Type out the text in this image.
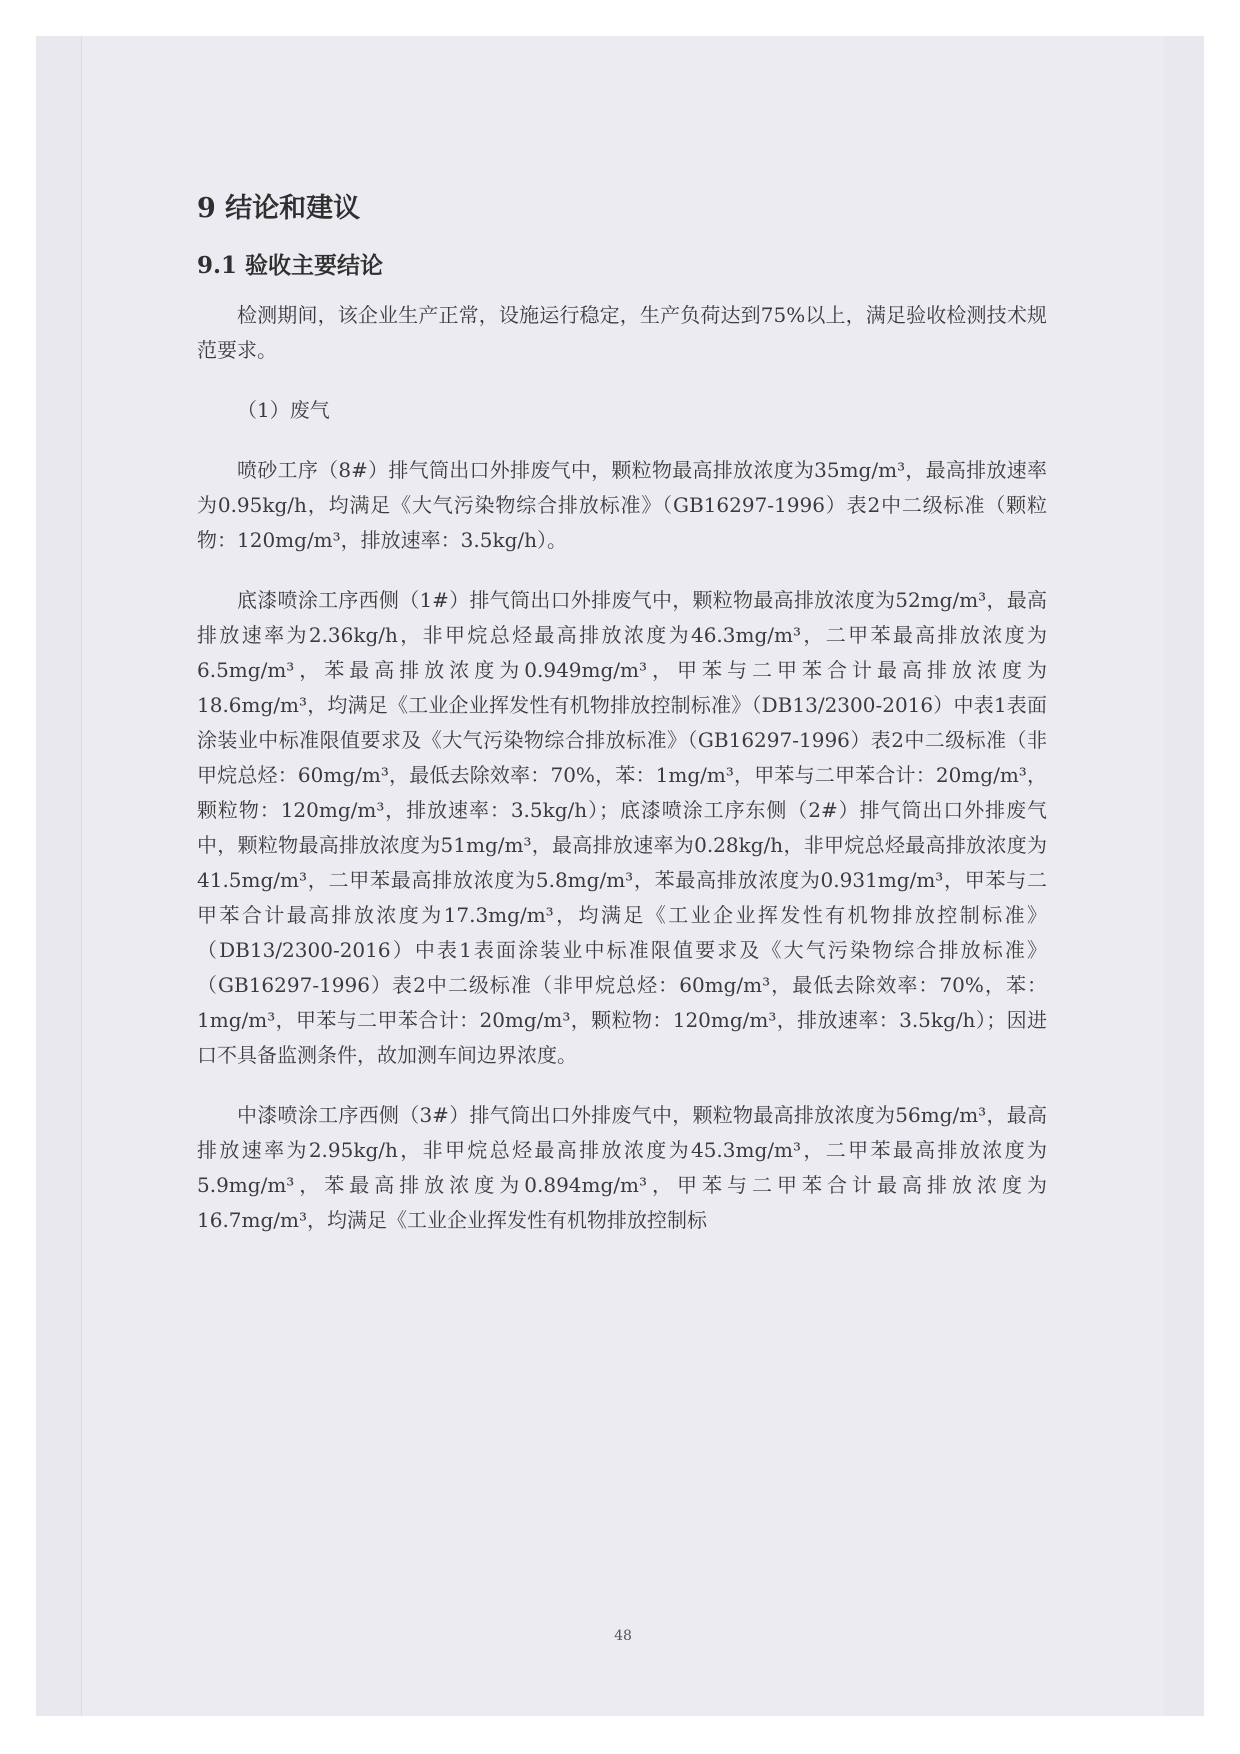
9 结论和建议
9.1 验收主要结论

检测期间，该企业生产正常，设施运行稳定，生产负荷达到75%以上，满足验收检测技术规范要求。

（1）废气

喷砂工序（8#）排气筒出口外排废气中，颗粒物最高排放浓度为35mg/m³，最高排放速率为0.95kg/h，均满足《大气污染物综合排放标准》（GB16297-1996）表2中二级标准（颗粒物：120mg/m³，排放速率：3.5kg/h）。

底漆喷涂工序西侧（1#）排气筒出口外排废气中，颗粒物最高排放浓度为52mg/m³，最高排放速率为2.36kg/h，非甲烷总烃最高排放浓度为46.3mg/m³，二甲苯最高排放浓度为6.5mg/m³，苯最高排放浓度为0.949mg/m³，甲苯与二甲苯合计最高排放浓度为18.6mg/m³，均满足《工业企业挥发性有机物排放控制标准》（DB13/2300-2016）中表1表面涂装业中标准限值要求及《大气污染物综合排放标准》（GB16297-1996）表2中二级标准（非甲烷总烃：60mg/m³，最低去除效率：70%，苯：1mg/m³，甲苯与二甲苯合计：20mg/m³，颗粒物：120mg/m³，排放速率：3.5kg/h）；底漆喷涂工序东侧（2#）排气筒出口外排废气中，颗粒物最高排放浓度为51mg/m³，最高排放速率为0.28kg/h，非甲烷总烃最高排放浓度为41.5mg/m³，二甲苯最高排放浓度为5.8mg/m³，苯最高排放浓度为0.931mg/m³，甲苯与二甲苯合计最高排放浓度为17.3mg/m³，均满足《工业企业挥发性有机物排放控制标准》（DB13/2300-2016）中表1表面涂装业中标准限值要求及《大气污染物综合排放标准》（GB16297-1996）表2中二级标准（非甲烷总烃：60mg/m³，最低去除效率：70%，苯：1mg/m³，甲苯与二甲苯合计：20mg/m³，颗粒物：120mg/m³，排放速率：3.5kg/h）；因进口不具备监测条件，故加测车间边界浓度。

中漆喷涂工序西侧（3#）排气筒出口外排废气中，颗粒物最高排放浓度为56mg/m³，最高排放速率为2.95kg/h，非甲烷总烃最高排放浓度为45.3mg/m³，二甲苯最高排放浓度为5.9mg/m³，苯最高排放浓度为0.894mg/m³，甲苯与二甲苯合计最高排放浓度为16.7mg/m³，均满足《工业企业挥发性有机物排放控制标

48
